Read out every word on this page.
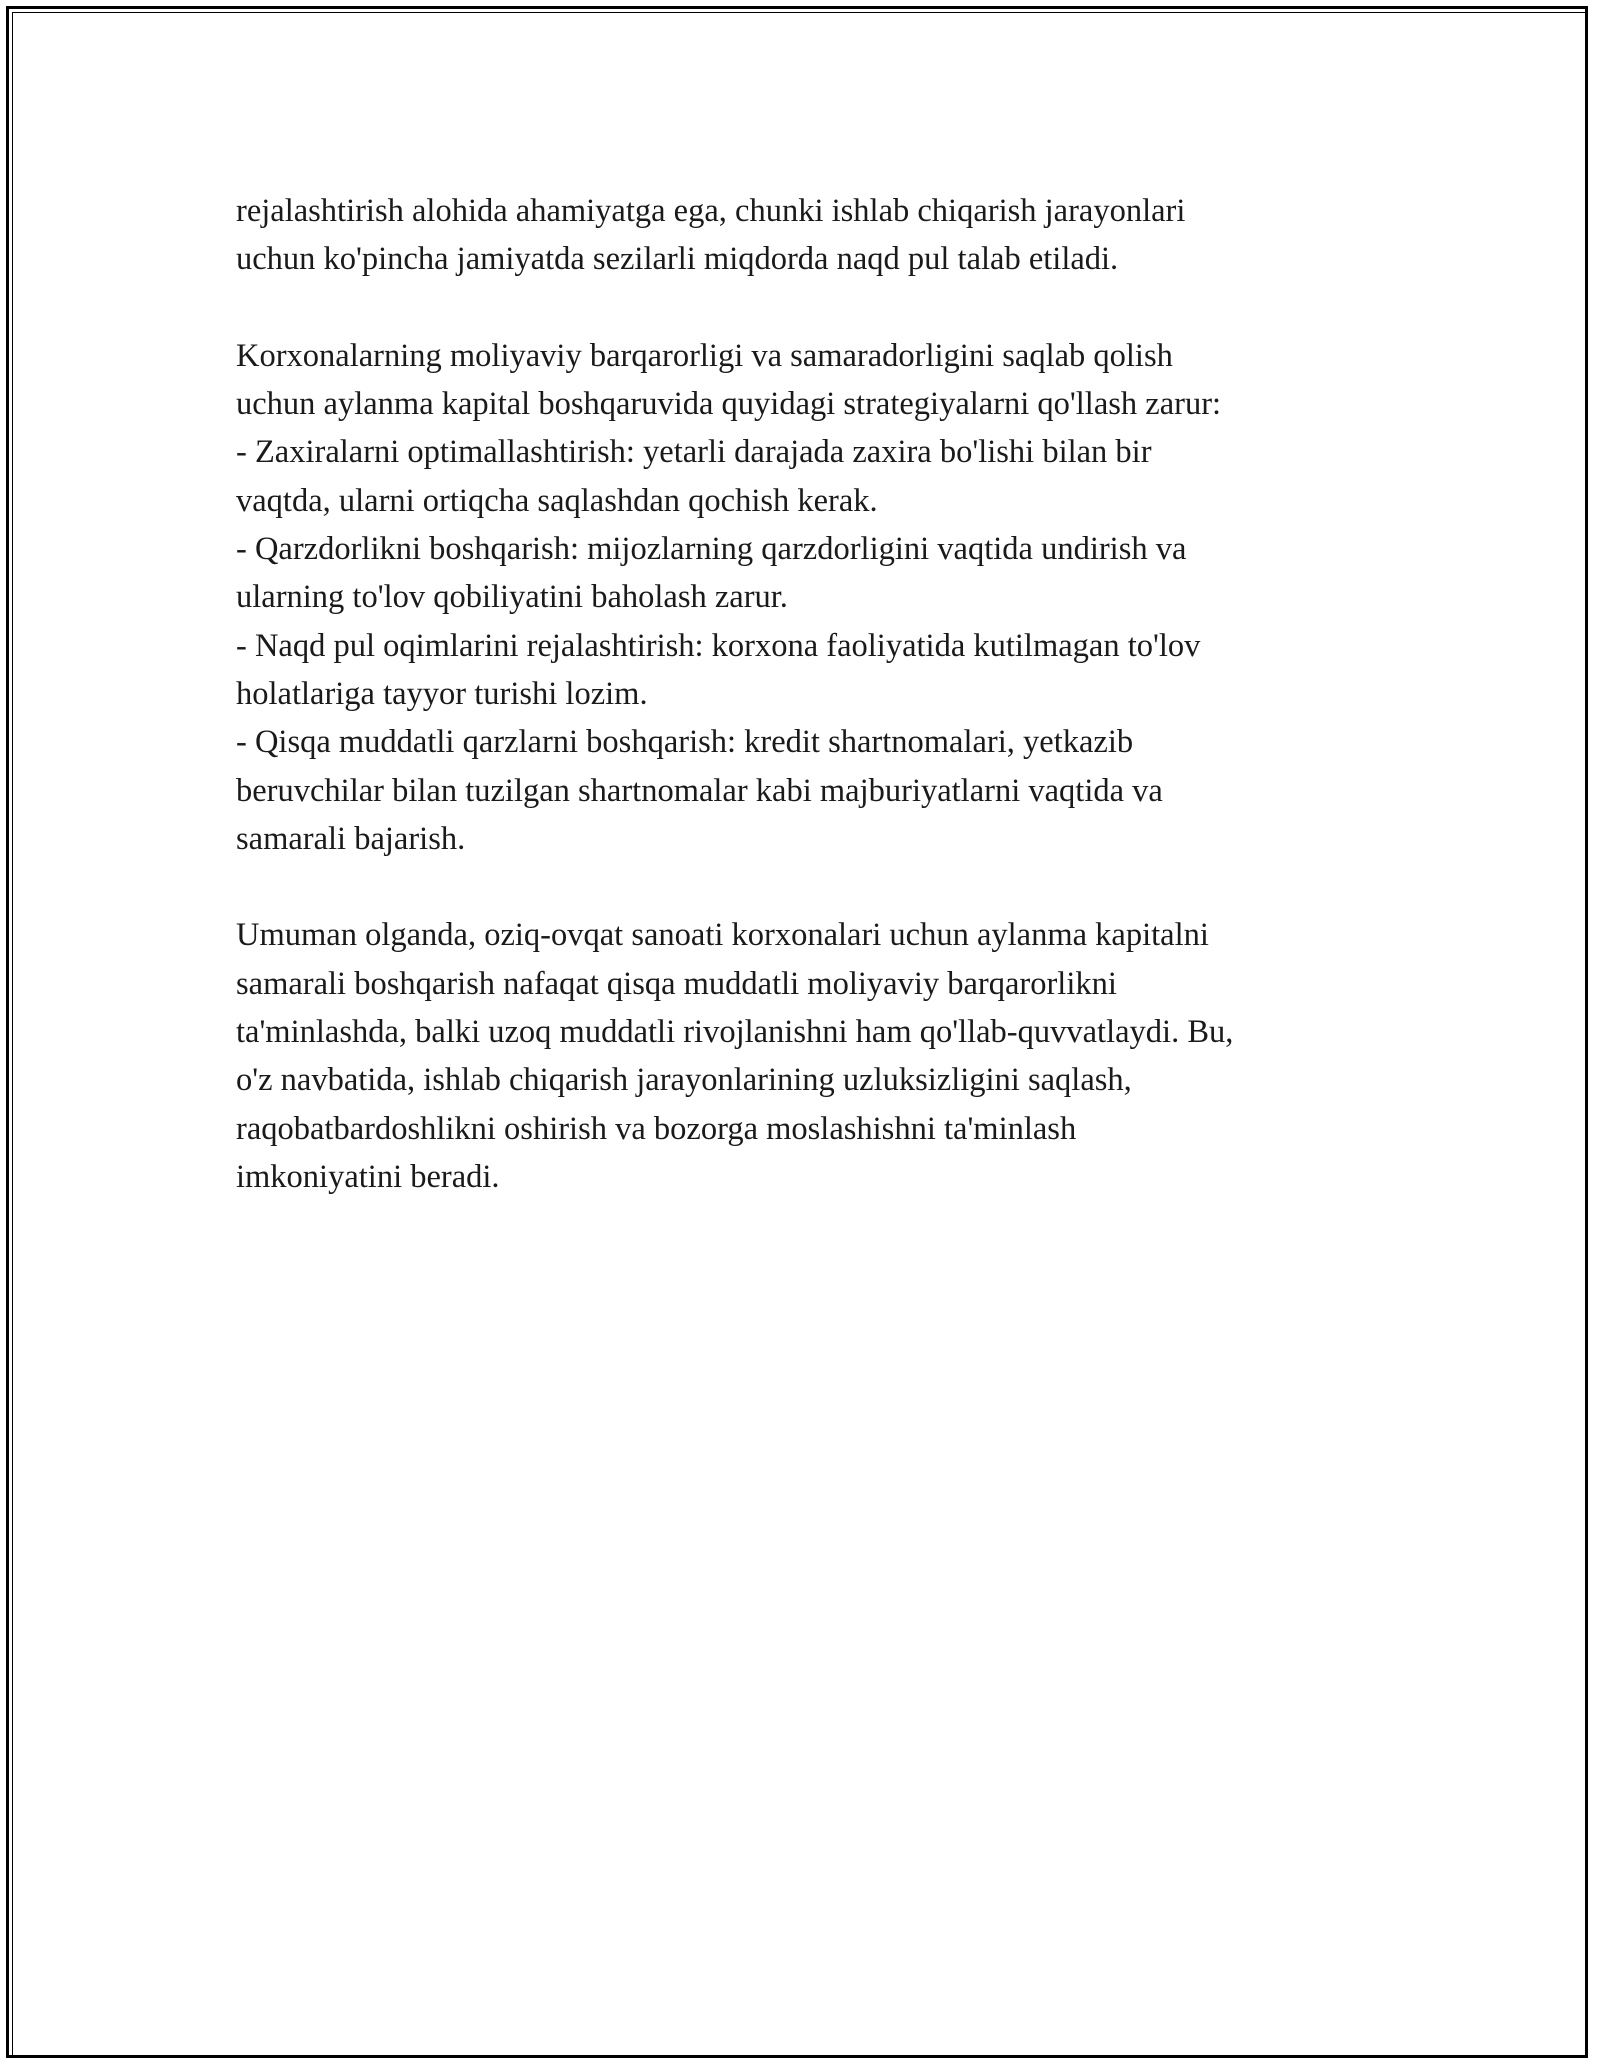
rejalashtirish alohida ahamiyatga ega, chunki ishlab chiqarish jarayonlari
uchun ko'pincha jamiyatda sezilarli miqdorda naqd pul talab etiladi.

Korxonalarning moliyaviy barqarorligi va samaradorligini saqlab qolish
uchun aylanma kapital boshqaruvida quyidagi strategiyalarni qo'llash zarur:
- Zaxiralarni optimallashtirish: yetarli darajada zaxira bo'lishi bilan bir
vaqtda, ularni ortiqcha saqlashdan qochish kerak.
- Qarzdorlikni boshqarish: mijozlarning qarzdorligini vaqtida undirish va
ularning to'lov qobiliyatini baholash zarur.
- Naqd pul oqimlarini rejalashtirish: korxona faoliyatida kutilmagan to'lov
holatlariga tayyor turishi lozim.
- Qisqa muddatli qarzlarni boshqarish: kredit shartnomalari, yetkazib
beruvchilar bilan tuzilgan shartnomalar kabi majburiyatlarni vaqtida va
samarali bajarish.

Umuman olganda, oziq-ovqat sanoati korxonalari uchun aylanma kapitalni
samarali boshqarish nafaqat qisqa muddatli moliyaviy barqarorlikni
ta'minlashda, balki uzoq muddatli rivojlanishni ham qo'llab-quvvatlaydi. Bu,
o'z navbatida, ishlab chiqarish jarayonlarining uzluksizligini saqlash,
raqobatbardoshlikni oshirish va bozorga moslashishni ta'minlash
imkoniyatini beradi.
